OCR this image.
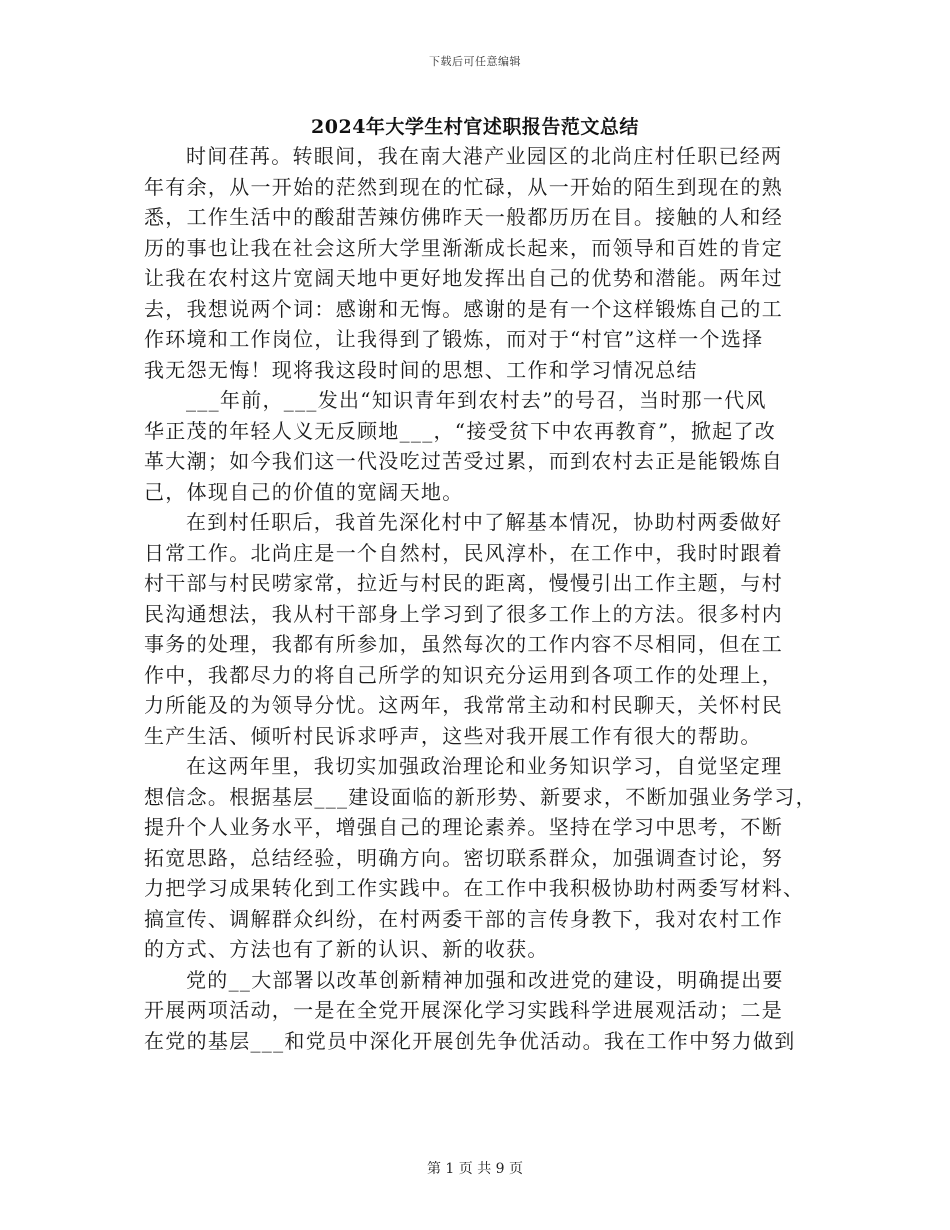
下载后可任意编辑
2024年大学生村官述职报告范文总结
时间荏苒。转眼间，我在南大港产业园区的北尚庄村任职已经两
年有余，从一开始的茫然到现在的忙碌，从一开始的陌生到现在的熟
悉，工作生活中的酸甜苦辣仿佛昨天一般都历历在目。接触的人和经
历的事也让我在社会这所大学里渐渐成长起来，而领导和百姓的肯定
让我在农村这片宽阔天地中更好地发挥出自己的优势和潜能。两年过
去，我想说两个词：感谢和无悔。感谢的是有一个这样锻炼自己的工
作环境和工作岗位，让我得到了锻炼，而对于“村官”这样一个选择
我无怨无悔！现将我这段时间的思想、工作和学习情况总结
___年前，___发出“知识青年到农村去”的号召，当时那一代风
华正茂的年轻人义无反顾地___，“接受贫下中农再教育”，掀起了改
革大潮；如今我们这一代没吃过苦受过累，而到农村去正是能锻炼自
己，体现自己的价值的宽阔天地。
在到村任职后，我首先深化村中了解基本情况，协助村两委做好
日常工作。北尚庄是一个自然村，民风淳朴，在工作中，我时时跟着
村干部与村民唠家常，拉近与村民的距离，慢慢引出工作主题，与村
民沟通想法，我从村干部身上学习到了很多工作上的方法。很多村内
事务的处理，我都有所参加，虽然每次的工作内容不尽相同，但在工
作中，我都尽力的将自己所学的知识充分运用到各项工作的处理上，
力所能及的为领导分忧。这两年，我常常主动和村民聊天，关怀村民
生产生活、倾听村民诉求呼声，这些对我开展工作有很大的帮助。
在这两年里，我切实加强政治理论和业务知识学习，自觉坚定理
想信念。根据基层___建设面临的新形势、新要求，不断加强业务学习，
提升个人业务水平，增强自己的理论素养。坚持在学习中思考，不断
拓宽思路，总结经验，明确方向。密切联系群众，加强调查讨论，努
力把学习成果转化到工作实践中。在工作中我积极协助村两委写材料、
搞宣传、调解群众纠纷，在村两委干部的言传身教下，我对农村工作
的方式、方法也有了新的认识、新的收获。
党的__大部署以改革创新精神加强和改进党的建设，明确提出要
开展两项活动，一是在全党开展深化学习实践科学进展观活动；二是
在党的基层___和党员中深化开展创先争优活动。我在工作中努力做到
第 1 页 共 9 页
